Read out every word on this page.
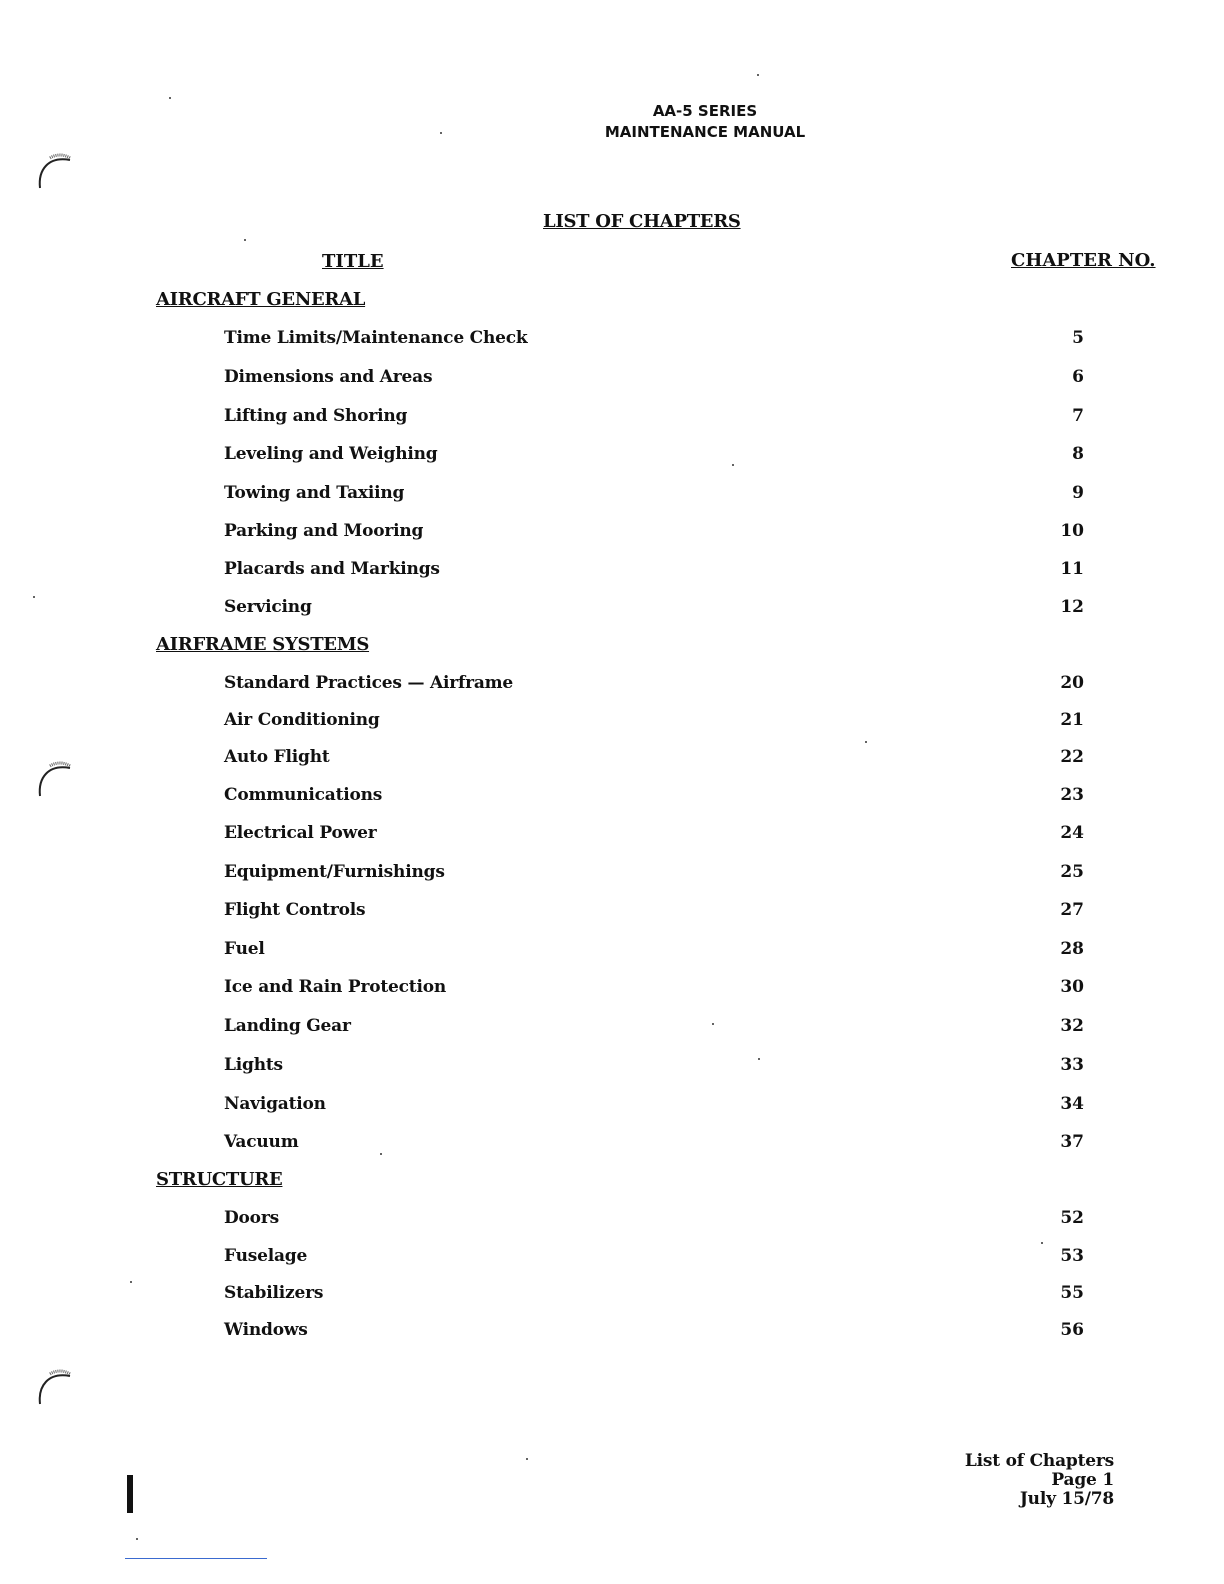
AA-5 SERIES
MAINTENANCE MANUAL
LIST OF CHAPTERS
TITLE	CHAPTER NO.
AIRCRAFT GENERAL
Time Limits/Maintenance Check	5
Dimensions and Areas	6
Lifting and Shoring	7
Leveling and Weighing	8
Towing and Taxiing	9
Parking and Mooring	10
Placards and Markings	11
Servicing	12
AIRFRAME SYSTEMS
Standard Practices — Airframe	20
Air Conditioning	21
Auto Flight	22
Communications	23
Electrical Power	24
Equipment/Furnishings	25
Flight Controls	27
Fuel	28
Ice and Rain Protection	30
Landing Gear	32
Lights	33
Navigation	34
Vacuum	37
STRUCTURE
Doors	52
Fuselage	53
Stabilizers	55
Windows	56
List of Chapters
Page 1
July 15/78
